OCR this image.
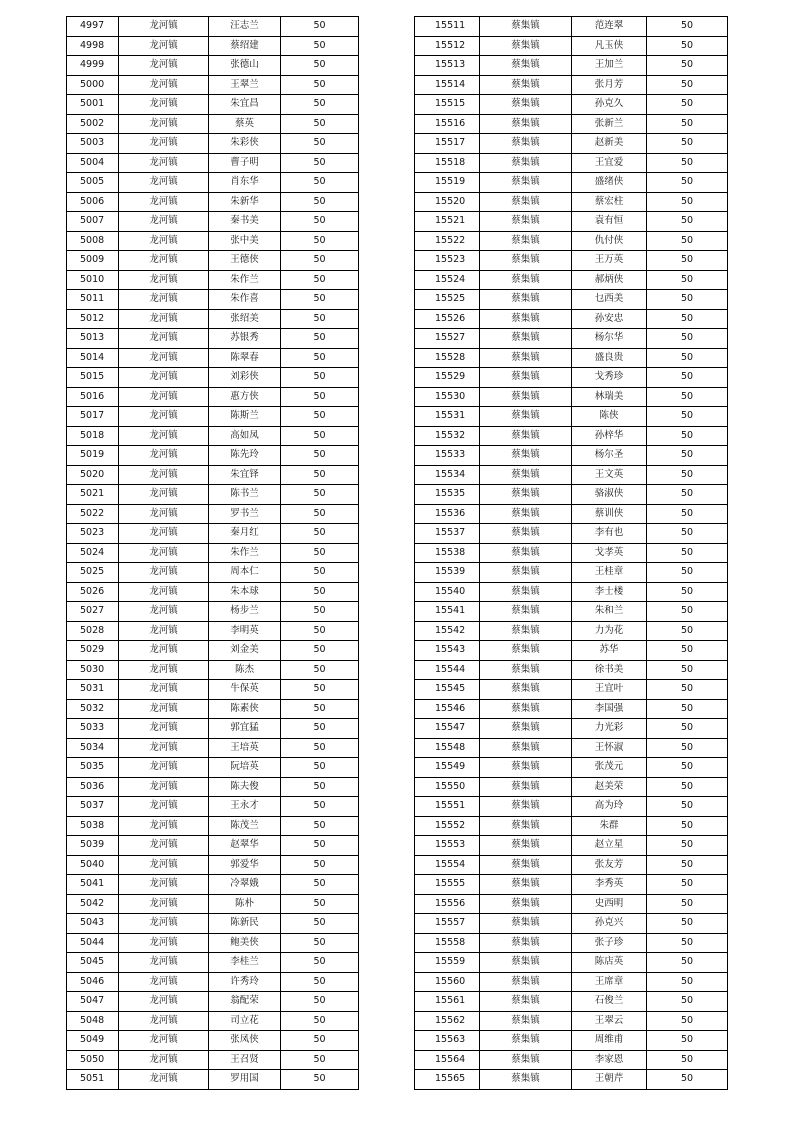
4997	龙河镇	汪志兰	50
4998	龙河镇	蔡绍建	50
4999	龙河镇	张德山	50
5000	龙河镇	王翠兰	50
5001	龙河镇	朱宜昌	50
5002	龙河镇	蔡英	50
5003	龙河镇	朱彩侠	50
5004	龙河镇	曹子明	50
5005	龙河镇	肖东华	50
5006	龙河镇	朱新华	50
5007	龙河镇	秦书美	50
5008	龙河镇	张中美	50
5009	龙河镇	王德侠	50
5010	龙河镇	朱作兰	50
5011	龙河镇	朱作喜	50
5012	龙河镇	张绍美	50
5013	龙河镇	苏银秀	50
5014	龙河镇	陈翠春	50
5015	龙河镇	刘彩侠	50
5016	龙河镇	惠方侠	50
5017	龙河镇	陈斯兰	50
5018	龙河镇	高如凤	50
5019	龙河镇	陈先玲	50
5020	龙河镇	朱宜铎	50
5021	龙河镇	陈书兰	50
5022	龙河镇	罗书兰	50
5023	龙河镇	秦月红	50
5024	龙河镇	朱作兰	50
5025	龙河镇	周本仁	50
5026	龙河镇	朱本球	50
5027	龙河镇	杨步兰	50
5028	龙河镇	李明英	50
5029	龙河镇	刘金美	50
5030	龙河镇	陈杰	50
5031	龙河镇	牛保英	50
5032	龙河镇	陈素侠	50
5033	龙河镇	郭宜猛	50
5034	龙河镇	王培英	50
5035	龙河镇	阮培英	50
5036	龙河镇	陈夫俊	50
5037	龙河镇	王永才	50
5038	龙河镇	陈茂兰	50
5039	龙河镇	赵翠华	50
5040	龙河镇	郭爱华	50
5041	龙河镇	冷翠娥	50
5042	龙河镇	陈朴	50
5043	龙河镇	陈新民	50
5044	龙河镇	鲍美侠	50
5045	龙河镇	李桂兰	50
5046	龙河镇	许秀玲	50
5047	龙河镇	翁配荣	50
5048	龙河镇	司立花	50
5049	龙河镇	张凤侠	50
5050	龙河镇	王召贤	50
5051	龙河镇	罗用国	50
15511	蔡集镇	范连翠	50
15512	蔡集镇	凡玉侠	50
15513	蔡集镇	王加兰	50
15514	蔡集镇	张月芳	50
15515	蔡集镇	孙克久	50
15516	蔡集镇	张新兰	50
15517	蔡集镇	赵新美	50
15518	蔡集镇	王宜爱	50
15519	蔡集镇	盛绪侠	50
15520	蔡集镇	蔡宏柱	50
15521	蔡集镇	袁有恒	50
15522	蔡集镇	仇付侠	50
15523	蔡集镇	王万英	50
15524	蔡集镇	郝炳侠	50
15525	蔡集镇	乜西美	50
15526	蔡集镇	孙安忠	50
15527	蔡集镇	杨尔华	50
15528	蔡集镇	盛良贵	50
15529	蔡集镇	戈秀珍	50
15530	蔡集镇	林瑞美	50
15531	蔡集镇	陈侠	50
15532	蔡集镇	孙梓华	50
15533	蔡集镇	杨尔圣	50
15534	蔡集镇	王文英	50
15535	蔡集镇	骆淑侠	50
15536	蔡集镇	蔡训侠	50
15537	蔡集镇	李有也	50
15538	蔡集镇	戈孝英	50
15539	蔡集镇	王桂章	50
15540	蔡集镇	李士楼	50
15541	蔡集镇	朱和兰	50
15542	蔡集镇	力为花	50
15543	蔡集镇	苏华	50
15544	蔡集镇	徐书美	50
15545	蔡集镇	王宜叶	50
15546	蔡集镇	李国强	50
15547	蔡集镇	力光彩	50
15548	蔡集镇	王怀淑	50
15549	蔡集镇	张茂元	50
15550	蔡集镇	赵美荣	50
15551	蔡集镇	高为玲	50
15552	蔡集镇	朱群	50
15553	蔡集镇	赵立星	50
15554	蔡集镇	张友芳	50
15555	蔡集镇	李秀英	50
15556	蔡集镇	史西明	50
15557	蔡集镇	孙克兴	50
15558	蔡集镇	张子珍	50
15559	蔡集镇	陈店英	50
15560	蔡集镇	王席章	50
15561	蔡集镇	石俊兰	50
15562	蔡集镇	王翠云	50
15563	蔡集镇	周维甫	50
15564	蔡集镇	李家恩	50
15565	蔡集镇	王朝芹	50
